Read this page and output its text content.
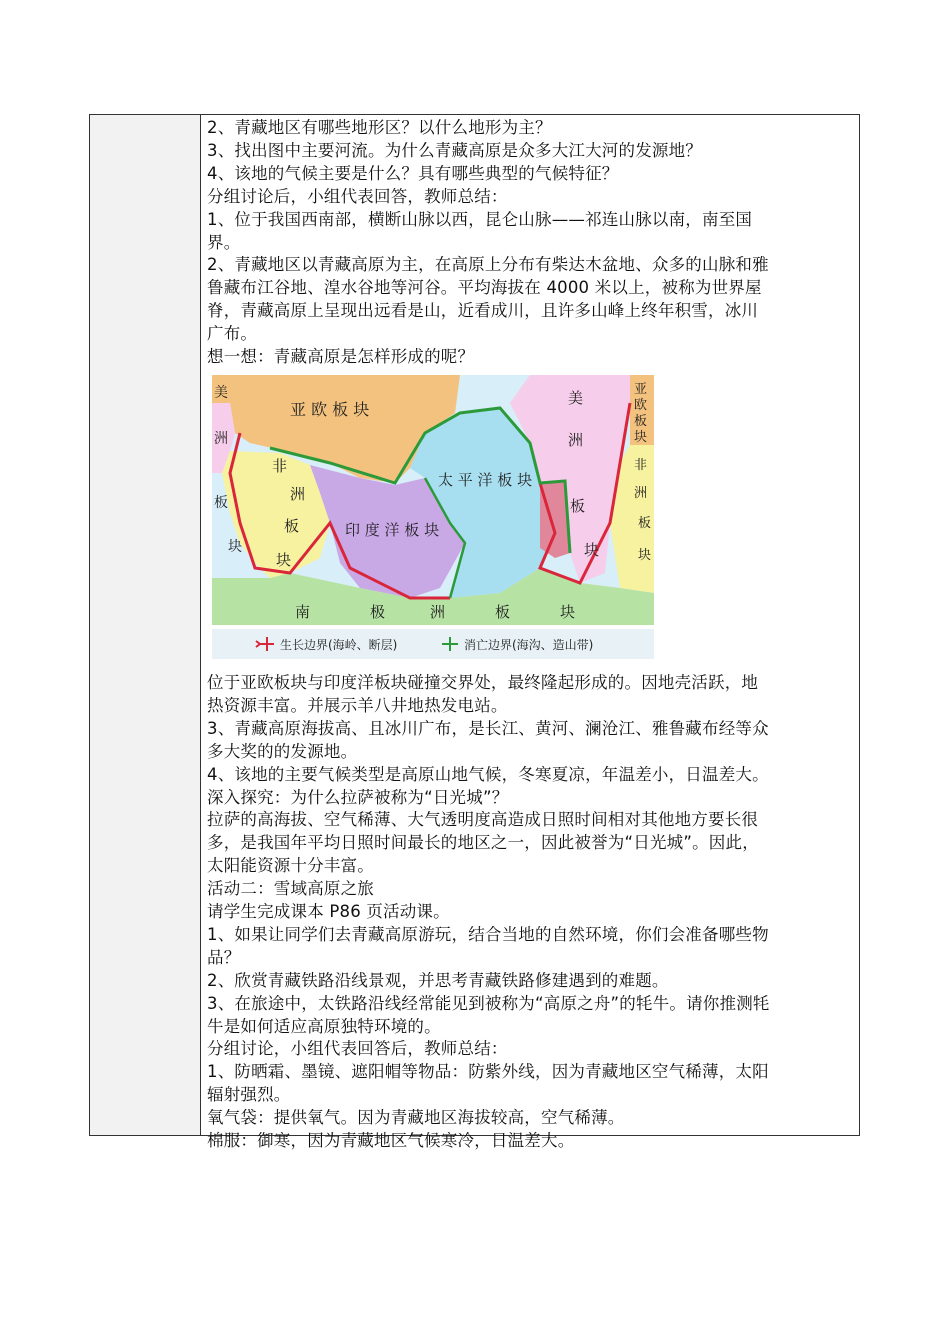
2、青藏地区有哪些地形区？以什么地形为主？
3、找出图中主要河流。为什么青藏高原是众多大江大河的发源地？
4、该地的气候主要是什么？具有哪些典型的气候特征？
分组讨论后，小组代表回答，教师总结：
1、位于我国西南部，横断山脉以西，昆仑山脉——祁连山脉以南，南至国
界。
2、青藏地区以青藏高原为主，在高原上分布有柴达木盆地、众多的山脉和雅
鲁藏布江谷地、湟水谷地等河谷。平均海拔在 4000 米以上，被称为世界屋
脊，青藏高原上呈现出远看是山，近看成川，且许多山峰上终年积雪，冰川
广布。
想一想：青藏高原是怎样形成的呢？
亚 欧 板 块
太 平 洋 板 块
印 度 洋 板 块
非
洲
板
块
美
洲
板
块
美
洲
板
块
亚
欧
板
块
非
洲
板
块
南	极	洲	板	块
生长边界(海岭、断层)	消亡边界(海沟、造山带)
位于亚欧板块与印度洋板块碰撞交界处，最终隆起形成的。因地壳活跃，地
热资源丰富。并展示羊八井地热发电站。
3、青藏高原海拔高、且冰川广布，是长江、黄河、澜沧江、雅鲁藏布经等众
多大奖的的发源地。
4、该地的主要气候类型是高原山地气候，冬寒夏凉，年温差小，日温差大。
深入探究：为什么拉萨被称为“日光城”？
拉萨的高海拔、空气稀薄、大气透明度高造成日照时间相对其他地方要长很
多，是我国年平均日照时间最长的地区之一，因此被誉为“日光城”。因此，
太阳能资源十分丰富。
活动二：雪域高原之旅
请学生完成课本 P86 页活动课。
1、如果让同学们去青藏高原游玩，结合当地的自然环境，你们会准备哪些物
品？
2、欣赏青藏铁路沿线景观，并思考青藏铁路修建遇到的难题。
3、在旅途中，太铁路沿线经常能见到被称为“高原之舟”的牦牛。请你推测牦
牛是如何适应高原独特环境的。
分组讨论，小组代表回答后，教师总结：
1、防晒霜、墨镜、遮阳帽等物品：防紫外线，因为青藏地区空气稀薄，太阳
辐射强烈。
氧气袋：提供氧气。因为青藏地区海拔较高，空气稀薄。
棉服：御寒，因为青藏地区气候寒冷，日温差大。
